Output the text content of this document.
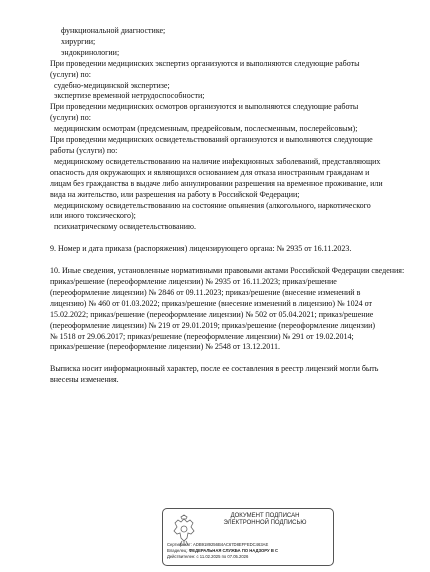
функциональной диагностике;
хирургии;
эндокринологии;
При проведении медицинских экспертиз организуются и выполняются следующие работы
(услуги) по:
судебно-медицинской экспертизе;
экспертизе временной нетрудоспособности;
При проведении медицинских осмотров организуются и выполняются следующие работы
(услуги) по:
медицинским осмотрам (предсменным, предрейсовым, послесменным, послерейсовым);
При проведении медицинских освидетельствований организуются и выполняются следующие
работы (услуги) по:
медицинскому освидетельствованию на наличие инфекционных заболеваний, представляющих
опасность для окружающих и являющихся основанием для отказа иностранным гражданам и
лицам без гражданства в выдаче либо аннулировании разрешения на временное проживание, или
вида на жительство, или разрешения на работу в Российской Федерации;
медицинскому освидетельствованию на состояние опьянения (алкогольного, наркотического
или иного токсического);
психиатрическому освидетельствованию.
9. Номер и дата приказа (распоряжения) лицензирующего органа: № 2935 от 16.11.2023.
10. Иные сведения, установленные нормативными правовыми актами Российской Федерации сведения:
приказ/решение (переоформление лицензии) № 2935 от 16.11.2023; приказ/решение
(переоформление лицензии) № 2846 от 09.11.2023; приказ/решение (внесение изменений в
лицензию) № 460 от 01.03.2022; приказ/решение (внесение изменений в лицензию) № 1024 от
15.02.2022; приказ/решение (переоформление лицензии) № 502 от 05.04.2021; приказ/решение
(переоформление лицензии) № 219 от 29.01.2019; приказ/решение (переоформление лицензии)
№ 1518 от 29.06.2017; приказ/решение (переоформление лицензии) № 291 от 19.02.2014;
приказ/решение (переоформление лицензии) № 2548 от 13.12.2011.
Выписка носит информационный характер, после ее составления в реестр лицензий могли быть
внесены изменения.
ДОКУМЕНТ ПОДПИСАН
ЭЛЕКТРОННОЙ ПОДПИСЬЮ
Сертификат: ADB9189256B4AC67D8EFFEDC463AE
Владелец: ФЕДЕРАЛЬНАЯ СЛУЖБА ПО НАДЗОРУ В С
Действителен: с 11.02.2025 по 07.05.2026
